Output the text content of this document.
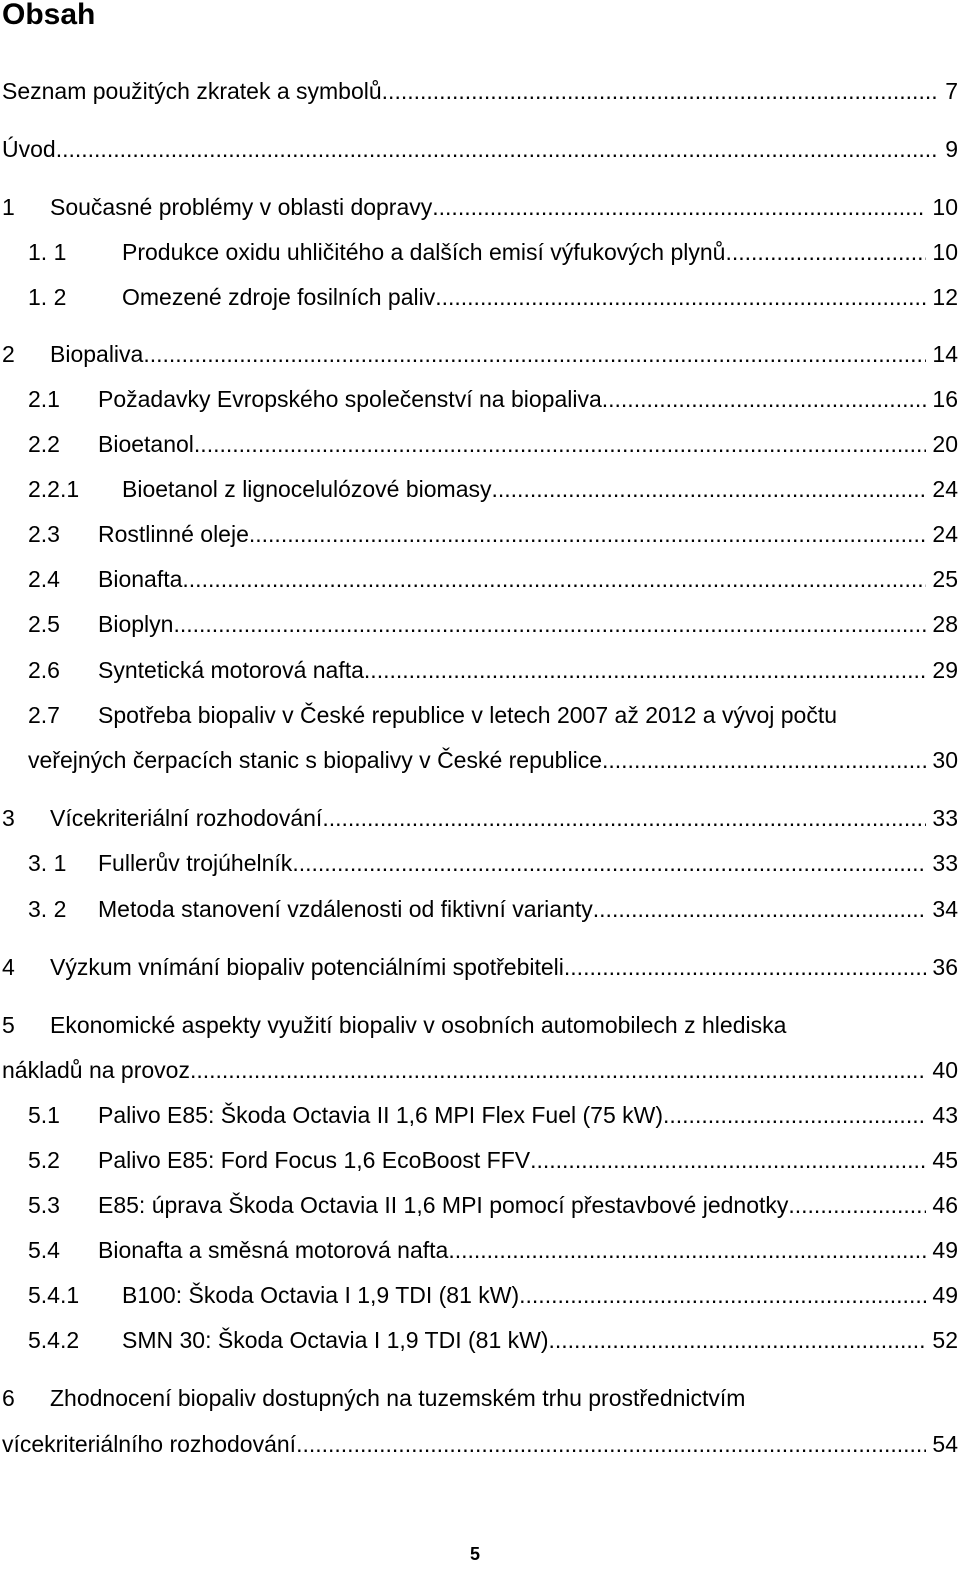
Obsah
Seznam použitých zkratek a symbolů .....	7
Úvod .....	9
1	Současné problémy v oblasti dopravy .....	10
1. 1	Produkce oxidu uhličitého a dalších emisí výfukových plynů .....	10
1. 2	Omezené zdroje fosilních paliv .....	12
2	Biopaliva .....	14
2.1	Požadavky Evropského společenství na biopaliva .....	16
2.2	Bioetanol .....	20
2.2.1	Bioetanol z lignocelulózové biomasy .....	24
2.3	Rostlinné oleje .....	24
2.4	Bionafta .....	25
2.5	Bioplyn .....	28
2.6	Syntetická motorová nafta .....	29
2.7 Spotřeba biopaliv v České republice v letech 2007 až 2012 a vývoj počtu
veřejných čerpacích stanic s biopalivy v České republice .....	30
3	Vícekriteriální rozhodování .....	33
3. 1	Fullerův trojúhelník .....	33
3. 2	Metoda stanovení vzdálenosti od fiktivní varianty .....	34
4	Výzkum vnímání biopaliv potenciálními spotřebiteli .....	36
5 Ekonomické aspekty využití biopaliv v osobních automobilech z hlediska
nákladů na provoz .....	40
5.1	Palivo E85: Škoda Octavia II 1,6 MPI Flex Fuel (75 kW) .....	43
5.2	Palivo E85: Ford Focus 1,6 EcoBoost FFV .....	45
5.3	E85: úprava Škoda Octavia II 1,6 MPI pomocí přestavbové jednotky .....	46
5.4	Bionafta a směsná motorová nafta .....	49
5.4.1	B100: Škoda Octavia I 1,9 TDI (81 kW) .....	49
5.4.2	SMN 30: Škoda Octavia I 1,9 TDI (81 kW) .....	52
6 Zhodnocení biopaliv dostupných na tuzemském trhu prostřednictvím
vícekriteriálního rozhodování .....	54
5
